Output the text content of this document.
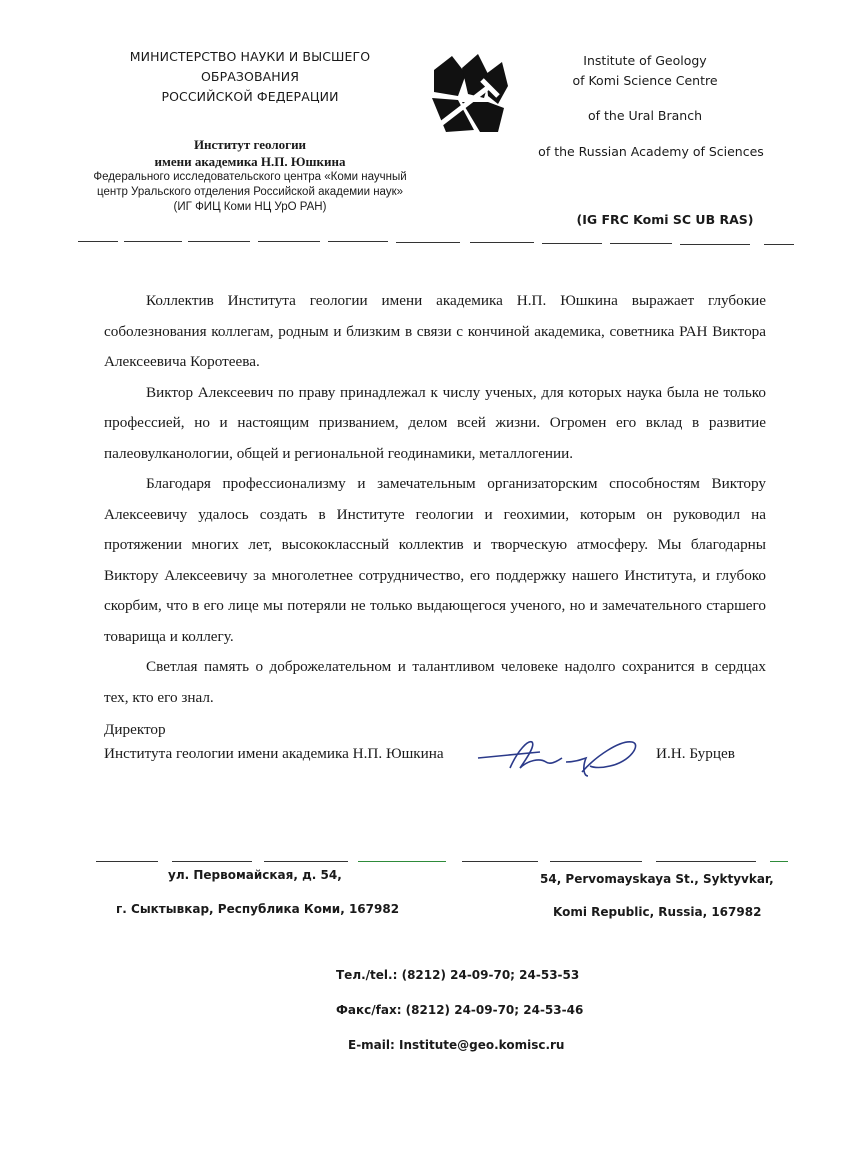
МИНИСТЕРСТВО НАУКИ И ВЫСШЕГО ОБРАЗОВАНИЯ
РОССИЙСКОЙ ФЕДЕРАЦИИ
Институт геологии
имени академика Н.П. Юшкина
Федерального исследовательского центра «Коми научный
центр Уральского отделения Российской академии наук»
(ИГ ФИЦ Коми НЦ УрО РАН)
Institute of Geology
of Komi Science Centre
of the Ural Branch
of the Russian Academy of Sciences
(IG FRC Komi SC UB RAS)

Коллектив Института геологии имени академика Н.П. Юшкина выражает глубокие соболезнования коллегам, родным и близким в связи с кончиной академика, советника РАН Виктора Алексеевича Коротеева.

Виктор Алексеевич по праву принадлежал к числу ученых, для которых наука была не только профессией, но и настоящим призванием, делом всей жизни. Огромен его вклад в развитие палеовулканологии, общей и региональной геодинамики, металлогении.

Благодаря профессионализму и замечательным организаторским способностям Виктору Алексеевичу удалось создать в Институте геологии и геохимии, которым он руководил на протяжении многих лет, высококлассный коллектив и творческую атмосферу. Мы благодарны Виктору Алексеевичу за многолетнее сотрудничество, его поддержку нашего Института, и глубоко скорбим, что в его лице мы потеряли не только выдающегося ученого, но и замечательного старшего товарища и коллегу.

Светлая память о доброжелательном и талантливом человеке надолго сохранится в сердцах тех, кто его знал.

Директор
Института геологии имени академика Н.П. Юшкина	И.Н. Бурцев
ул. Первомайская, д. 54,
г. Сыктывкар, Республика Коми, 167982
54, Pervomayskaya St., Syktyvkar,
Komi Republic, Russia, 167982
Тел./tel.: (8212) 24-09-70; 24-53-53
Факс/fax: (8212) 24-09-70; 24-53-46
E-mail: Institute@geo.komisc.ru
